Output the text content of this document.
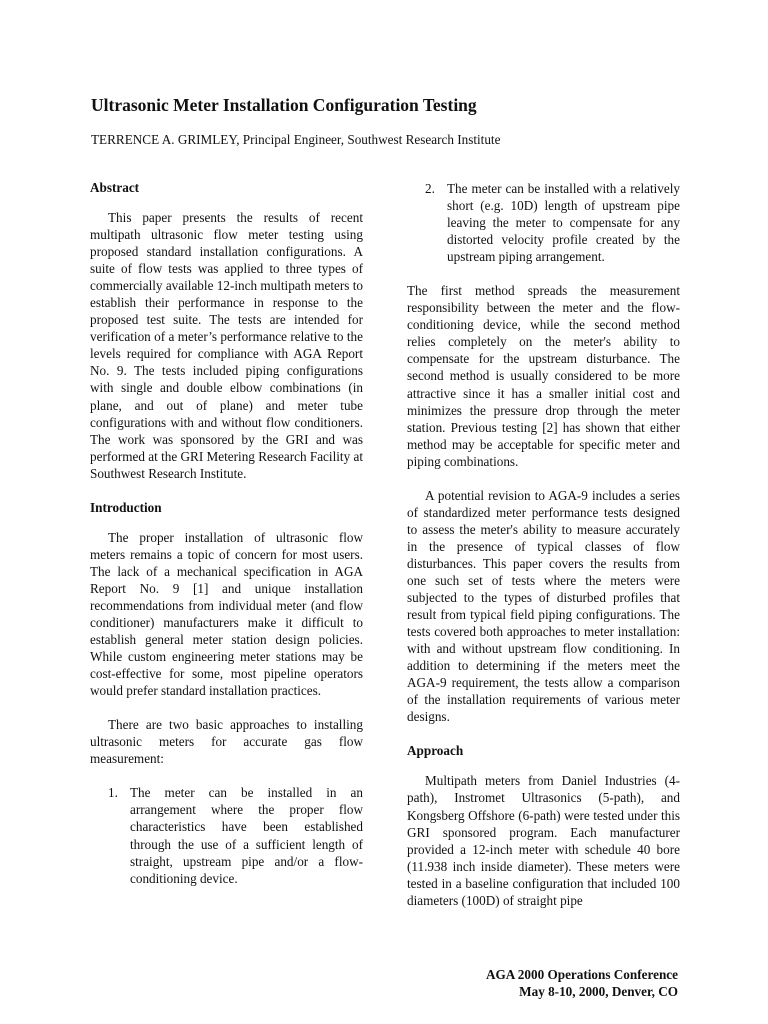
Ultrasonic Meter Installation Configuration Testing

TERRENCE A. GRIMLEY, Principal Engineer, Southwest Research Institute

Abstract

This paper presents the results of recent multipath ultrasonic flow meter testing using proposed standard installation configurations. A suite of flow tests was applied to three types of commercially available 12-inch multipath meters to establish their performance in response to the proposed test suite. The tests are intended for verification of a meter’s performance relative to the levels required for compliance with AGA Report No. 9. The tests included piping configurations with single and double elbow combinations (in plane, and out of plane) and meter tube configurations with and without flow conditioners. The work was sponsored by the GRI and was performed at the GRI Metering Research Facility at Southwest Research Institute.

Introduction

The proper installation of ultrasonic flow meters remains a topic of concern for most users. The lack of a mechanical specification in AGA Report No. 9 [1] and unique installation recommendations from individual meter (and flow conditioner) manufacturers make it difficult to establish general meter station design policies. While custom engineering meter stations may be cost-effective for some, most pipeline operators would prefer standard installation practices.

There are two basic approaches to installing ultrasonic meters for accurate gas flow measurement:

1. The meter can be installed in an arrangement where the proper flow characteristics have been established through the use of a sufficient length of straight, upstream pipe and/or a flow-conditioning device.
2. The meter can be installed with a relatively short (e.g. 10D) length of upstream pipe leaving the meter to compensate for any distorted velocity profile created by the upstream piping arrangement.

The first method spreads the measurement responsibility between the meter and the flow-conditioning device, while the second method relies completely on the meter's ability to compensate for the upstream disturbance. The second method is usually considered to be more attractive since it has a smaller initial cost and minimizes the pressure drop through the meter station. Previous testing [2] has shown that either method may be acceptable for specific meter and piping combinations.

A potential revision to AGA-9 includes a series of standardized meter performance tests designed to assess the meter's ability to measure accurately in the presence of typical classes of flow disturbances. This paper covers the results from one such set of tests where the meters were subjected to the types of disturbed profiles that result from typical field piping configurations. The tests covered both approaches to meter installation: with and without upstream flow conditioning. In addition to determining if the meters meet the AGA-9 requirement, the tests allow a comparison of the installation requirements of various meter designs.

Approach

Multipath meters from Daniel Industries (4-path), Instromet Ultrasonics (5-path), and Kongsberg Offshore (6-path) were tested under this GRI sponsored program. Each manufacturer provided a 12-inch meter with schedule 40 bore (11.938 inch inside diameter). These meters were tested in a baseline configuration that included 100 diameters (100D) of straight pipe

AGA 2000 Operations Conference
May 8-10, 2000, Denver, CO
